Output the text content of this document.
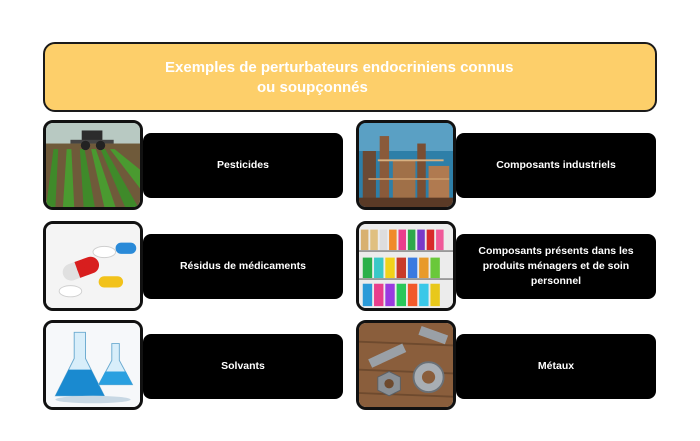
Exemples de perturbateurs endocriniens connus
ou soupçonnés
Pesticides	Composants industriels
Résidus de médicaments
Composants présents dans les
produits ménagers et de soin
personnel
Solvants	Métaux
